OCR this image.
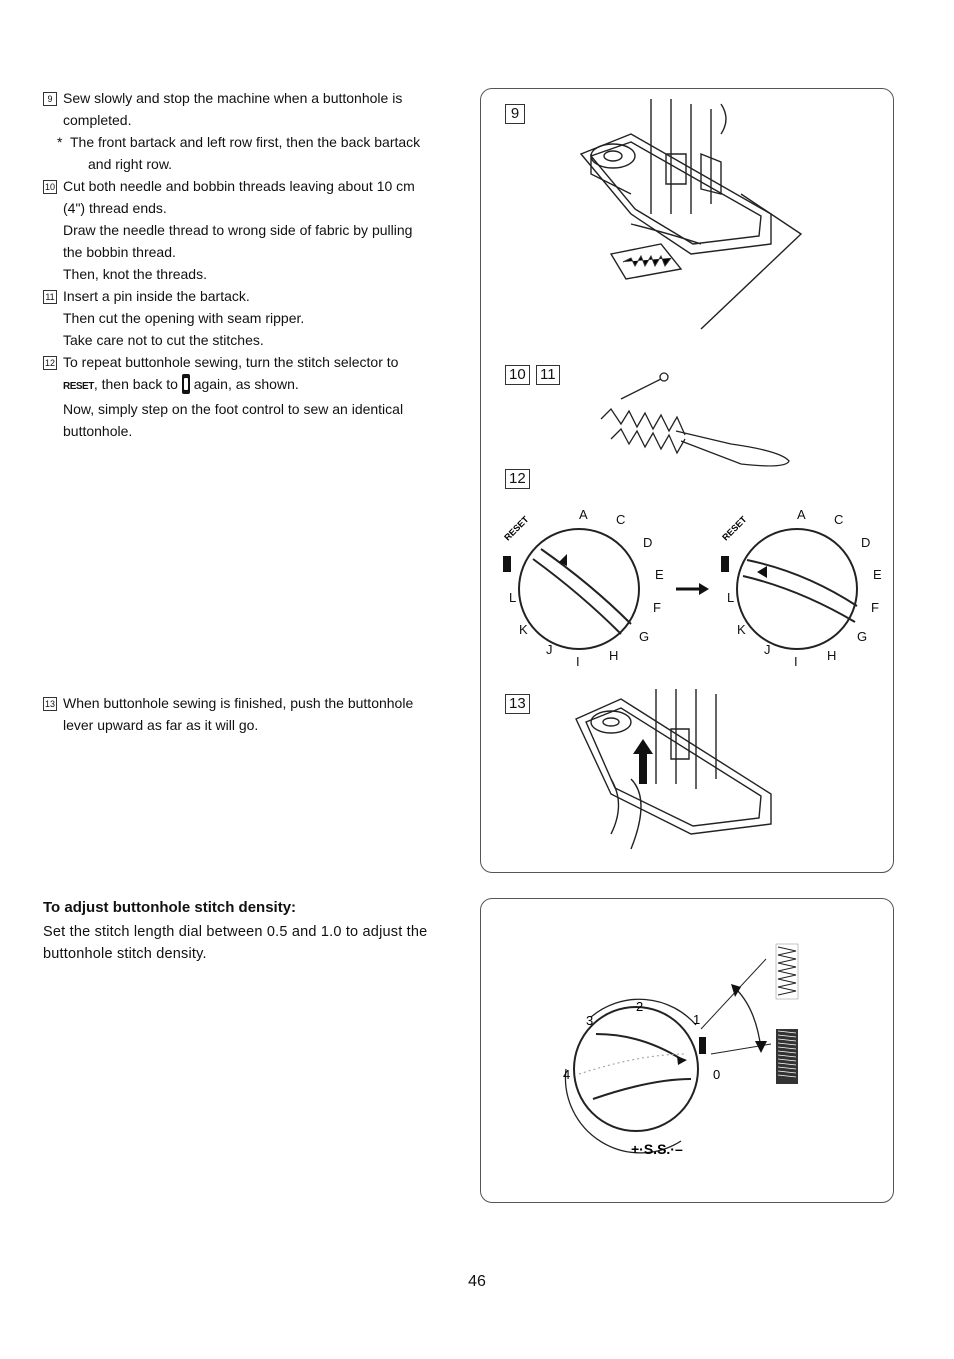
9 Sew slowly and stop the machine when a buttonhole is
completed.
* The front bartack and left row first, then the back bartack
and right row.
10 Cut both needle and bobbin threads leaving about 10 cm
(4") thread ends.
Draw the needle thread to wrong side of fabric by pulling
the bobbin thread.
Then, knot the threads.
11 Insert a pin inside the bartack.
Then cut the opening with seam ripper.
Take care not to cut the stitches.
12 To repeat buttonhole sewing, turn the stitch selector to
RESET, then back to again, as shown.
Now, simply step on the foot control to sew an identical
buttonhole.
13 When buttonhole sewing is finished, push the buttonhole
lever upward as far as it will go.
To adjust buttonhole stitch density:
Set the stitch length dial between 0.5 and 1.0 to adjust the buttonhole stitch density.
9
10 11
12
13
A C
D
E
F
G
H
I
J
K
L
RESET	A C
D
E
F
G
H
I
J
K
L
RESET
2
3	1
4	0
+·S.S.·–
46
